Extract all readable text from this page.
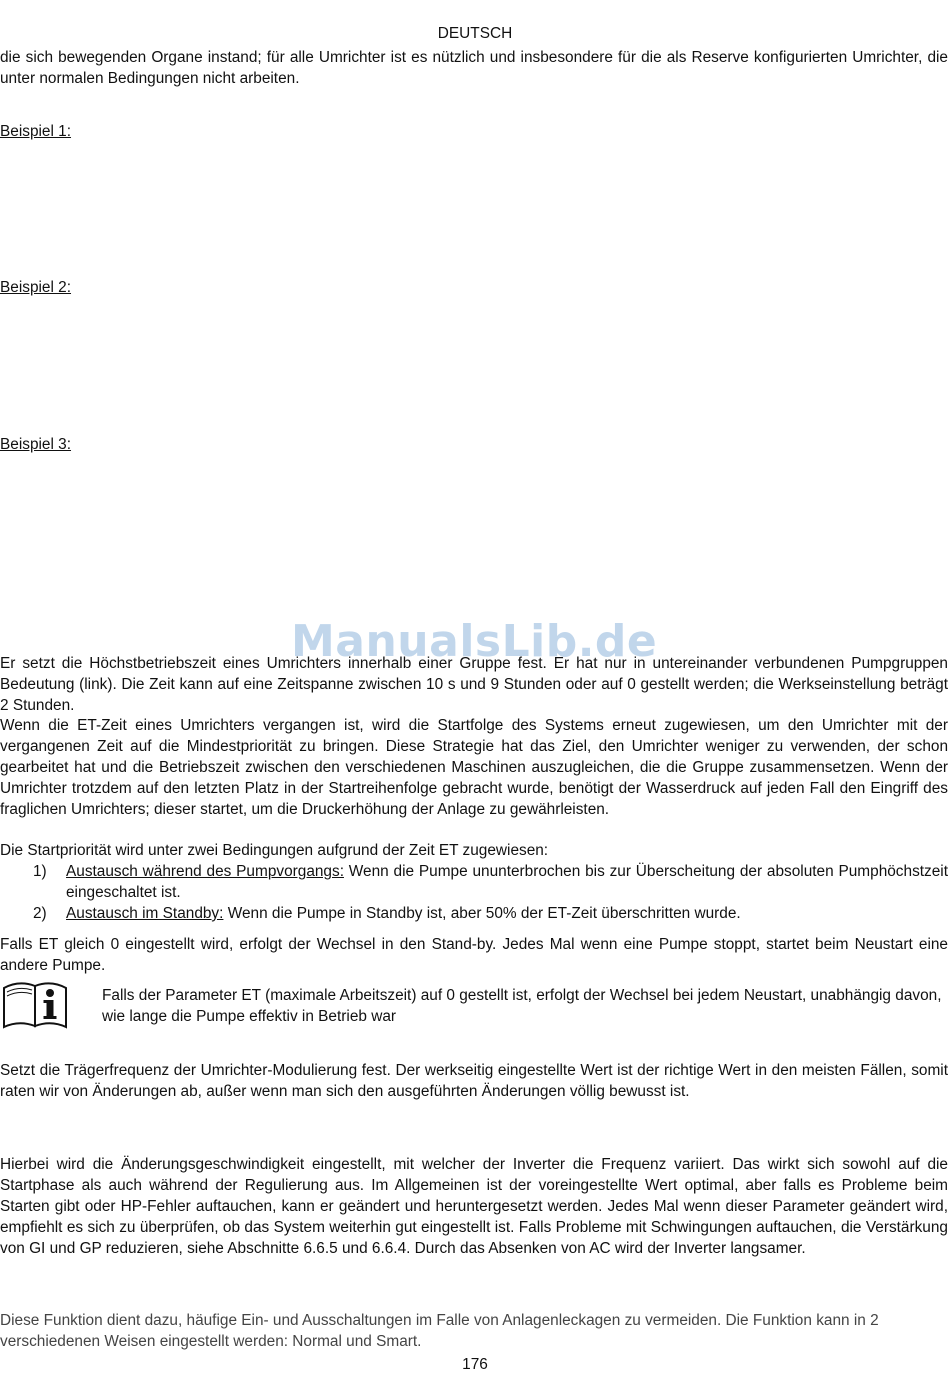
DEUTSCH
die sich bewegenden Organe instand; für alle Umrichter ist es nützlich und insbesondere für die als Reserve konfigurierten Umrichter, die unter normalen Bedingungen nicht arbeiten.
Beispiel 1:
Beispiel 2:
Beispiel 3:
Er setzt die Höchstbetriebszeit eines Umrichters innerhalb einer Gruppe fest. Er hat nur in untereinander verbundenen Pumpgruppen Bedeutung (link). Die Zeit kann auf eine Zeitspanne zwischen 10 s und 9 Stunden oder auf 0 gestellt werden; die Werkseinstellung beträgt 2 Stunden.
Wenn die ET-Zeit eines Umrichters vergangen ist, wird die Startfolge des Systems erneut zugewiesen, um den Umrichter mit der vergangenen Zeit auf die Mindestpriorität zu bringen. Diese Strategie hat das Ziel, den Umrichter weniger zu verwenden, der schon gearbeitet hat und die Betriebszeit zwischen den verschiedenen Maschinen auszugleichen, die die Gruppe zusammensetzen. Wenn der Umrichter trotzdem auf den letzten Platz in der Startreihenfolge gebracht wurde, benötigt der Wasserdruck auf jeden Fall den Eingriff des fraglichen Umrichters; dieser startet, um die Druckerhöhung der Anlage zu gewährleisten.
Die Startpriorität wird unter zwei Bedingungen aufgrund der Zeit ET zugewiesen:
1) Austausch während des Pumpvorgangs: Wenn die Pumpe ununterbrochen bis zur Überscheitung der absoluten Pumphöchstzeit eingeschaltet ist.
2) Austausch im Standby: Wenn die Pumpe in Standby ist, aber 50% der ET-Zeit überschritten wurde.
Falls ET gleich 0 eingestellt wird, erfolgt der Wechsel in den Stand-by. Jedes Mal wenn eine Pumpe stoppt, startet beim Neustart eine andere Pumpe.
Falls der Parameter ET (maximale Arbeitszeit) auf 0 gestellt ist, erfolgt der Wechsel bei jedem Neustart, unabhängig davon, wie lange die Pumpe effektiv in Betrieb war
Setzt die Trägerfrequenz der Umrichter-Modulierung fest. Der werkseitig eingestellte Wert ist der richtige Wert in den meisten Fällen, somit raten wir von Änderungen ab, außer wenn man sich den ausgeführten Änderungen völlig bewusst ist.
Hierbei wird die Änderungsgeschwindigkeit eingestellt, mit welcher der Inverter die Frequenz variiert. Das wirkt sich sowohl auf die Startphase als auch während der Regulierung aus. Im Allgemeinen ist der voreingestellte Wert optimal, aber falls es Probleme beim Starten gibt oder HP-Fehler auftauchen, kann er geändert und heruntergesetzt werden. Jedes Mal wenn dieser Parameter geändert wird, empfiehlt es sich zu überprüfen, ob das System weiterhin gut eingestellt ist. Falls Probleme mit Schwingungen auftauchen, die Verstärkung von GI und GP reduzieren, siehe Abschnitte 6.6.5 und 6.6.4. Durch das Absenken von AC wird der Inverter langsamer.
Diese Funktion dient dazu, häufige Ein- und Ausschaltungen im Falle von Anlagenleckagen zu vermeiden. Die Funktion kann in 2 verschiedenen Weisen eingestellt werden: Normal und Smart.
176
ManualsLib.de
